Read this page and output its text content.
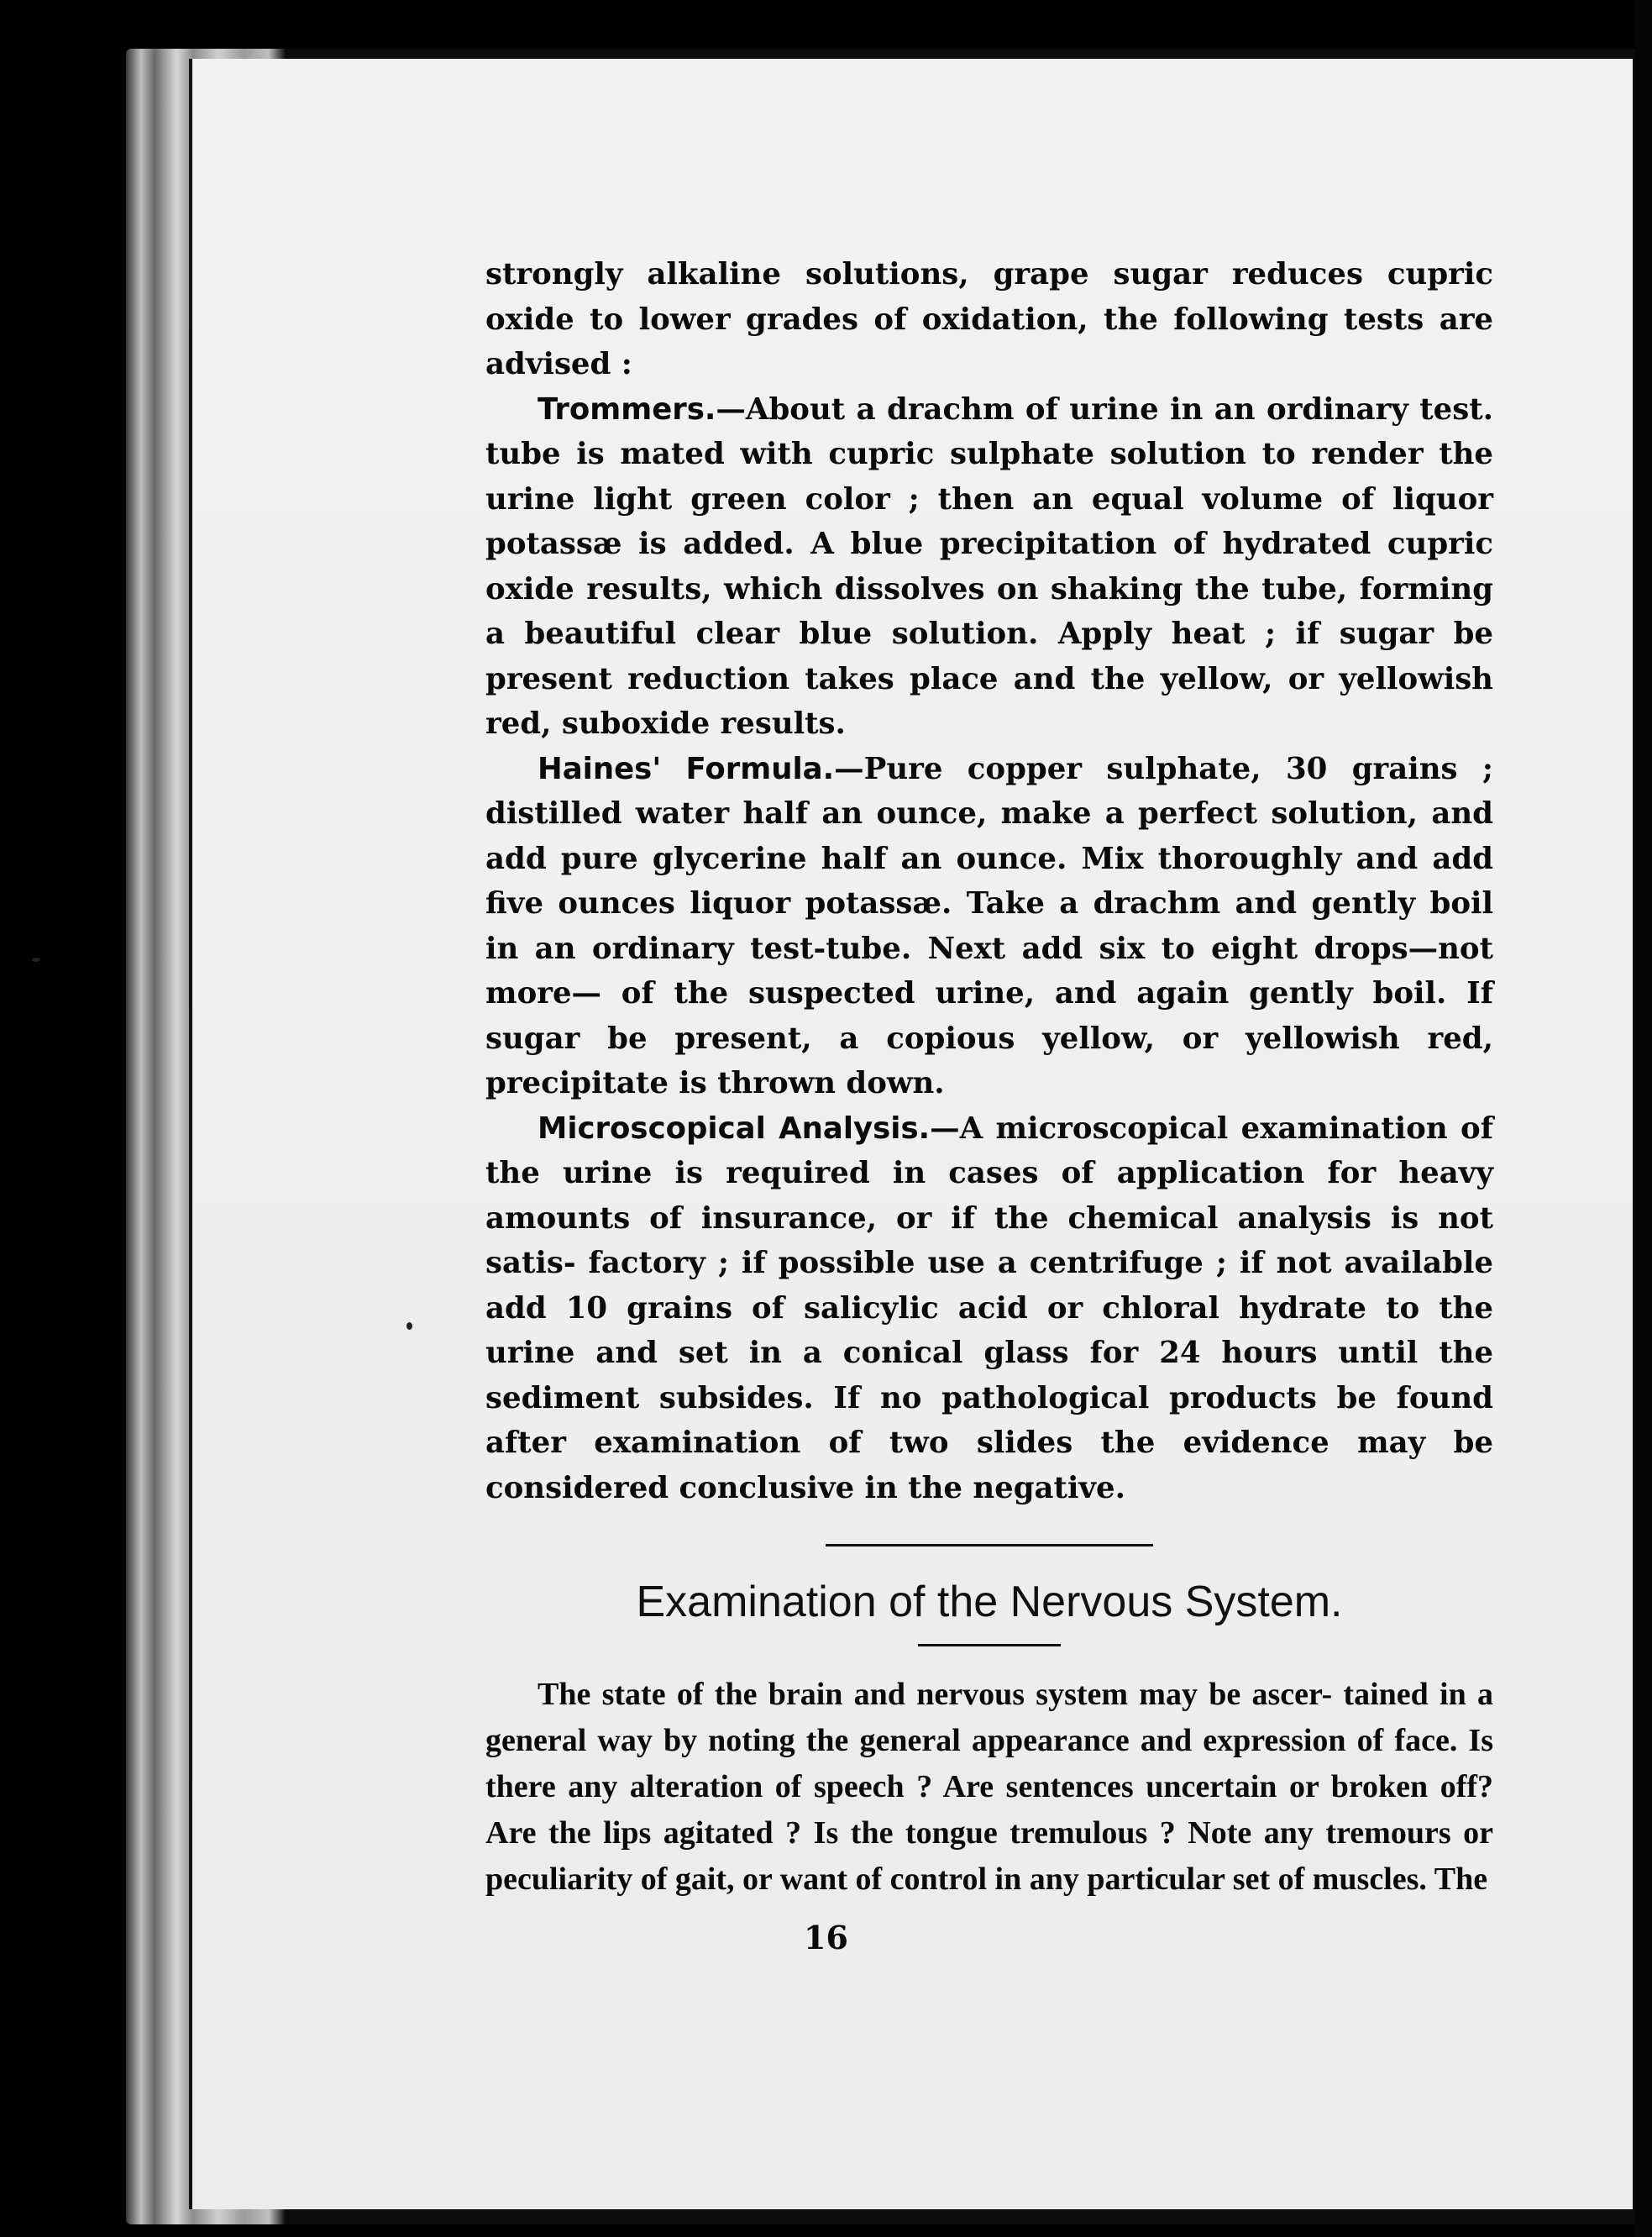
strongly alkaline solutions, grape sugar reduces cupric oxide to lower grades of oxidation, the following tests are advised :

Trommers.—About a drachm of urine in an ordinary test. tube is mated with cupric sulphate solution to render the urine light green color ; then an equal volume of liquor potassæ is added. A blue precipitation of hydrated cupric oxide results, which dissolves on shaking the tube, forming a beautiful clear blue solution. Apply heat ; if sugar be present reduction takes place and the yellow, or yellowish red, suboxide results.

Haines' Formula.—Pure copper sulphate, 30 grains ; distilled water half an ounce, make a perfect solution, and add pure glycerine half an ounce. Mix thoroughly and add five ounces liquor potassæ. Take a drachm and gently boil in an ordinary test-tube. Next add six to eight drops—not more— of the suspected urine, and again gently boil. If sugar be present, a copious yellow, or yellowish red, precipitate is thrown down.

Microscopical Analysis.—A microscopical examination of the urine is required in cases of application for heavy amounts of insurance, or if the chemical analysis is not satis- factory ; if possible use a centrifuge ; if not available add 10 grains of salicylic acid or chloral hydrate to the urine and set in a conical glass for 24 hours until the sediment subsides. If no pathological products be found after examination of two slides the evidence may be considered conclusive in the negative.

Examination of the Nervous System.

The state of the brain and nervous system may be ascer- tained in a general way by noting the general appearance and expression of face. Is there any alteration of speech ? Are sentences uncertain or broken off? Are the lips agitated ? Is the tongue tremulous ? Note any tremours or peculiarity of gait, or want of control in any particular set of muscles. The

16
